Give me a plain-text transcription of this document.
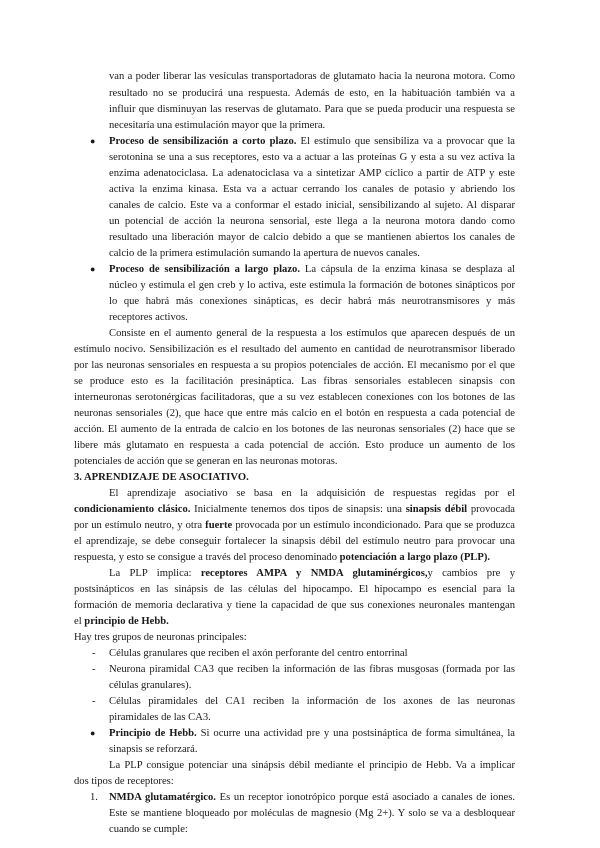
van a poder liberar las vesículas transportadoras de glutamato hacia la neurona motora. Como

resultado no se producirá una respuesta. Además de esto, en la habituación también va a

influir que disminuyan las reservas de glutamato. Para que se pueda producir una respuesta se

necesitaría una estimulación mayor que la primera.

● Proceso de sensibilización a corto plazo. El estímulo que sensibiliza va a provocar que la

serotonina se una a sus receptores, esto va a actuar a las proteínas G y esta a su vez activa la

enzima adenatociclasa. La adenatociclasa va a sintetizar AMP cíclico a partir de ATP y este

activa la enzima kinasa. Esta va a actuar cerrando los canales de potasio y abriendo los

canales de calcio. Este va a conformar el estado inicial, sensibilizando al sujeto. Al disparar

un potencial de acción la neurona sensorial, este llega a la neurona motora dando como

resultado una liberación mayor de calcio debido a que se mantienen abiertos los canales de

calcio de la primera estimulación sumando la apertura de nuevos canales.

● Proceso de sensibilización a largo plazo. La cápsula de la enzima kinasa se desplaza al

núcleo y estimula el gen creb y lo activa, este estimula la formación de botones sinápticos por

lo que habrá más conexiones sinápticas, es decir habrá más neurotransmisores y más

receptores activos.

Consiste en el aumento general de la respuesta a los estímulos que aparecen después de un

estímulo nocivo. Sensibilización es el resultado del aumento en cantidad de neurotransmisor liberado

por las neuronas sensoriales en respuesta a su propios potenciales de acción. El mecanismo por el que

se produce esto es la facilitación presináptica. Las fibras sensoriales establecen sinapsis con

interneuronas serotonérgicas facilitadoras, que a su vez establecen conexiones con los botones de las

neuronas sensoriales (2), que hace que entre más calcio en el botón en respuesta a cada potencial de

acción. El aumento de la entrada de calcio en los botones de las neuronas sensoriales (2) hace que se

libere más glutamato en respuesta a cada potencial de acción. Esto produce un aumento de los

potenciales de acción que se generan en las neuronas motoras.

3. APRENDIZAJE DE ASOCIATIVO.

El aprendizaje asociativo se basa en la adquisición de respuestas regidas por el

condicionamiento clásico. Inicialmente tenemos dos tipos de sinapsis: una sinapsis débil provocada

por un estímulo neutro, y otra fuerte provocada por un estímulo incondicionado. Para que se produzca

el aprendizaje, se debe conseguir fortalecer la sinapsis débil del estímulo neutro para provocar una

respuesta, y esto se consigue a través del proceso denominado potenciación a largo plazo (PLP).

La PLP implica: receptores AMPA y NMDA glutaminérgicos,y cambios pre y

postsinápticos en las sinápsis de las células del hipocampo. El hipocampo es esencial para la

formación de memoria declarativa y tiene la capacidad de que sus conexiones neuronales mantengan

el principio de Hebb.

Hay tres grupos de neuronas principales:

- Células granulares que reciben el axón perforante del centro entorrinal

- Neurona piramidal CA3 que reciben la información de las fibras musgosas (formada por las

células granulares).

- Células piramidales del CA1 reciben la información de los axones de las neuronas

piramidales de las CA3.

● Principio de Hebb. Si ocurre una actividad pre y una postsináptica de forma simultánea, la

sinapsis se reforzará.

La PLP consigue potenciar una sinápsis débil mediante el principio de Hebb. Va a implicar

dos tipos de receptores:

1. NMDA glutamatérgico. Es un receptor ionotrópico porque está asociado a canales de iones.

Este se mantiene bloqueado por moléculas de magnesio (Mg 2+). Y solo se va a desbloquear

cuando se cumple:
